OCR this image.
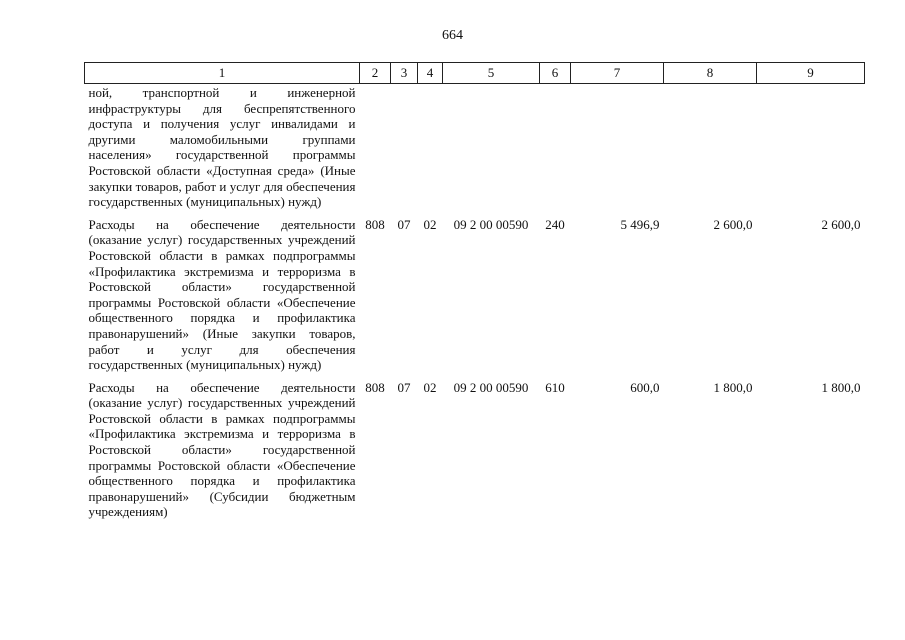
664
1	2	3	4	5	6	7	8	9
ной, транспортной и инженерной инфраструктуры для беспрепятственного доступа и получения услуг инвалидами и другими маломобильными группами населения» государственной программы Ростовской области «Доступная среда» (Иные закупки товаров, работ и услуг для обеспечения государственных (муниципальных) нужд)								
Расходы на обеспечение деятельности (оказание услуг) государственных учреждений Ростовской области в рамках подпрограммы «Профилактика экстремизма и терроризма в Ростовской области» государственной программы Ростовской области «Обеспечение общественного порядка и профилактика правонарушений» (Иные закупки товаров, работ и услуг для обеспечения государственных (муниципальных) нужд)	808	07	02	09 2 00 00590	240	5 496,9	2 600,0	2 600,0
Расходы на обеспечение деятельности (оказание услуг) государственных учреждений Ростовской области в рамках подпрограммы «Профилактика экстремизма и терроризма в Ростовской области» государственной программы Ростовской области «Обеспечение общественного порядка и профилактика правонарушений» (Субсидии бюджетным учреждениям)	808	07	02	09 2 00 00590	610	600,0	1 800,0	1 800,0
